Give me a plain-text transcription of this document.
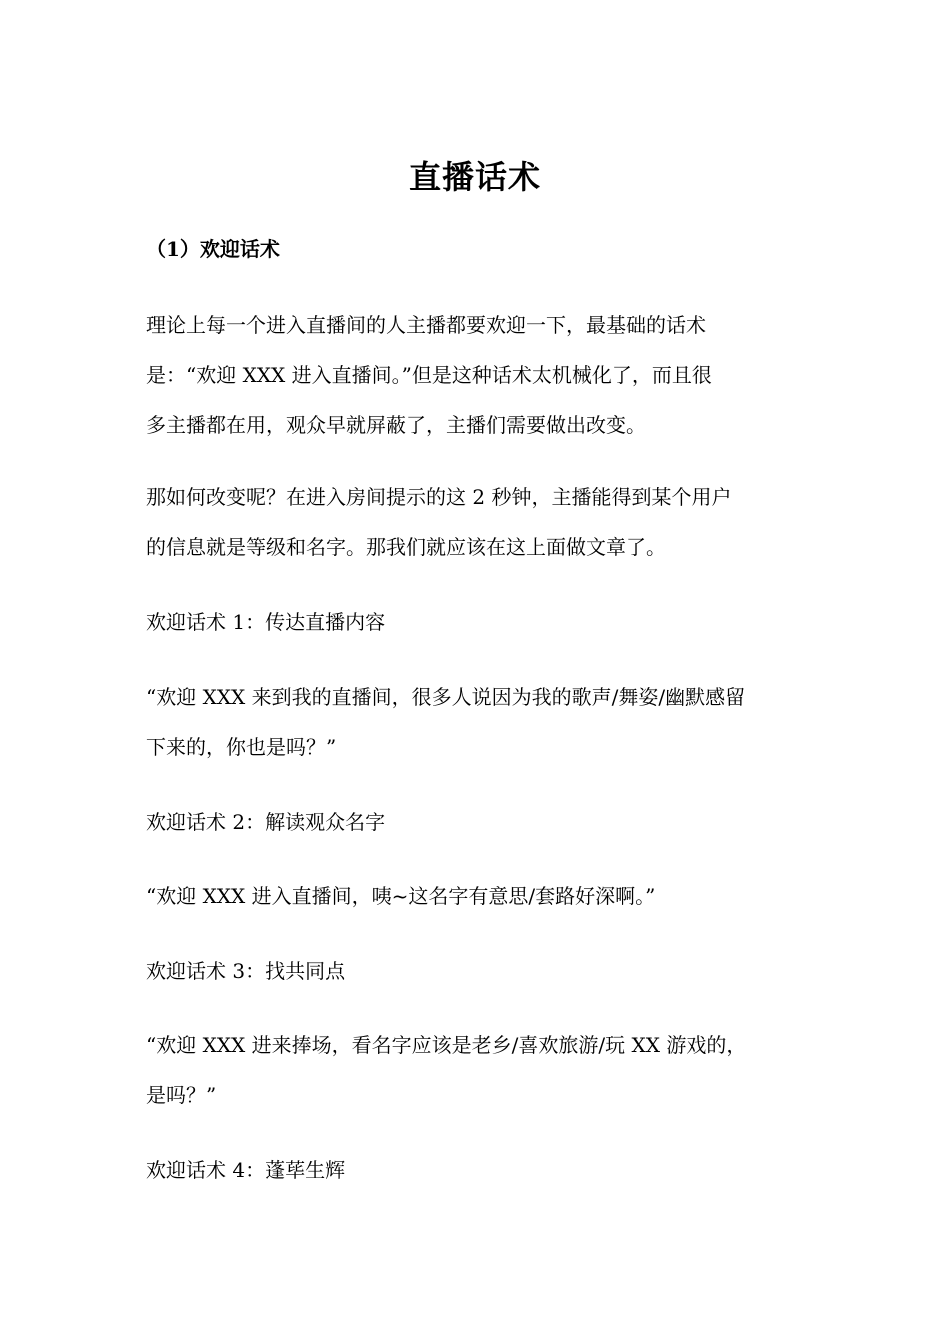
直播话术
（1）欢迎话术
理论上每一个进入直播间的人主播都要欢迎一下，最基础的话术
是：“欢迎 XXX 进入直播间。”但是这种话术太机械化了，而且很
多主播都在用，观众早就屏蔽了，主播们需要做出改变。
那如何改变呢？在进入房间提示的这 2 秒钟，主播能得到某个用户
的信息就是等级和名字。那我们就应该在这上面做文章了。
欢迎话术 1：传达直播内容
“欢迎 XXX 来到我的直播间，很多人说因为我的歌声/舞姿/幽默感留
下来的，你也是吗？”
欢迎话术 2：解读观众名字
“欢迎 XXX 进入直播间，咦~这名字有意思/套路好深啊。”
欢迎话术 3：找共同点
“欢迎 XXX 进来捧场，看名字应该是老乡/喜欢旅游/玩 XX 游戏的，
是吗？”
欢迎话术 4：蓬荜生辉
